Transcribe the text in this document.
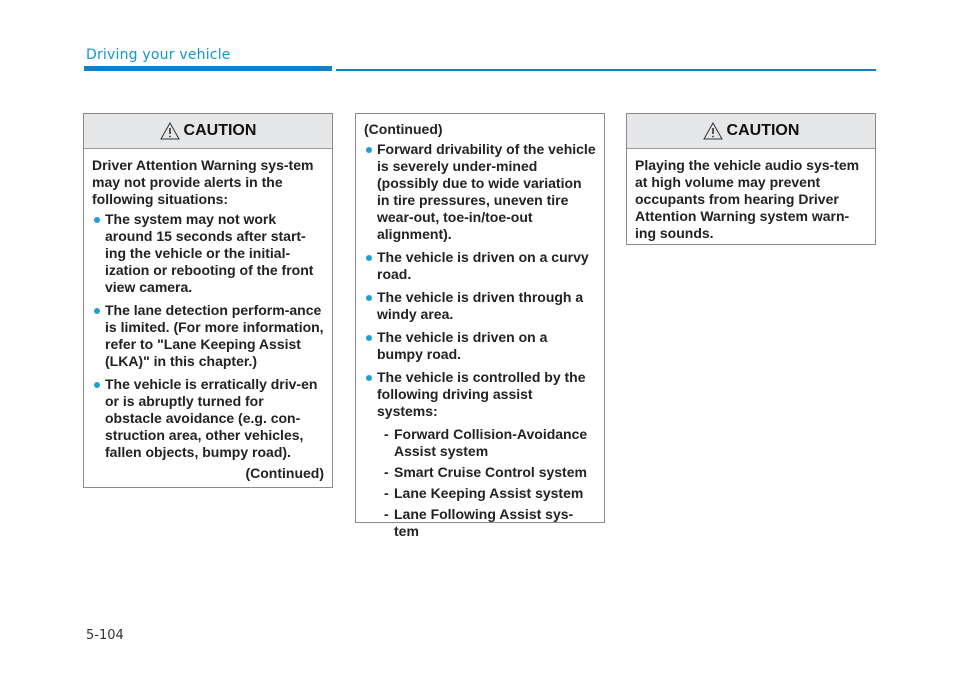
Driving your vehicle
CAUTION

Driver Attention Warning sys-tem may not provide alerts in the following situations:

The system may not work around 15 seconds after start-ing the vehicle or the initial-ization or rebooting of the front view camera.
The lane detection perform-ance is limited. (For more information, refer to "Lane Keeping Assist (LKA)" in this chapter.)
The vehicle is erratically driv-en or is abruptly turned for obstacle avoidance (e.g. con-struction area, other vehicles, fallen objects, bumpy road).
(Continued)

(Continued)

Forward drivability of the vehicle is severely under-mined (possibly due to wide variation in tire pressures, uneven tire wear-out, toe-in/toe-out alignment).
The vehicle is driven on a curvy road.
The vehicle is driven through a windy area.
The vehicle is driven on a bumpy road.
The vehicle is controlled by the following driving assist systems:
- Forward Collision-Avoidance Assist system
- Smart Cruise Control system
- Lane Keeping Assist system
- Lane Following Assist sys-tem
CAUTION

Playing the vehicle audio sys-tem at high volume may prevent occupants from hearing Driver Attention Warning system warn-ing sounds.

5-104
